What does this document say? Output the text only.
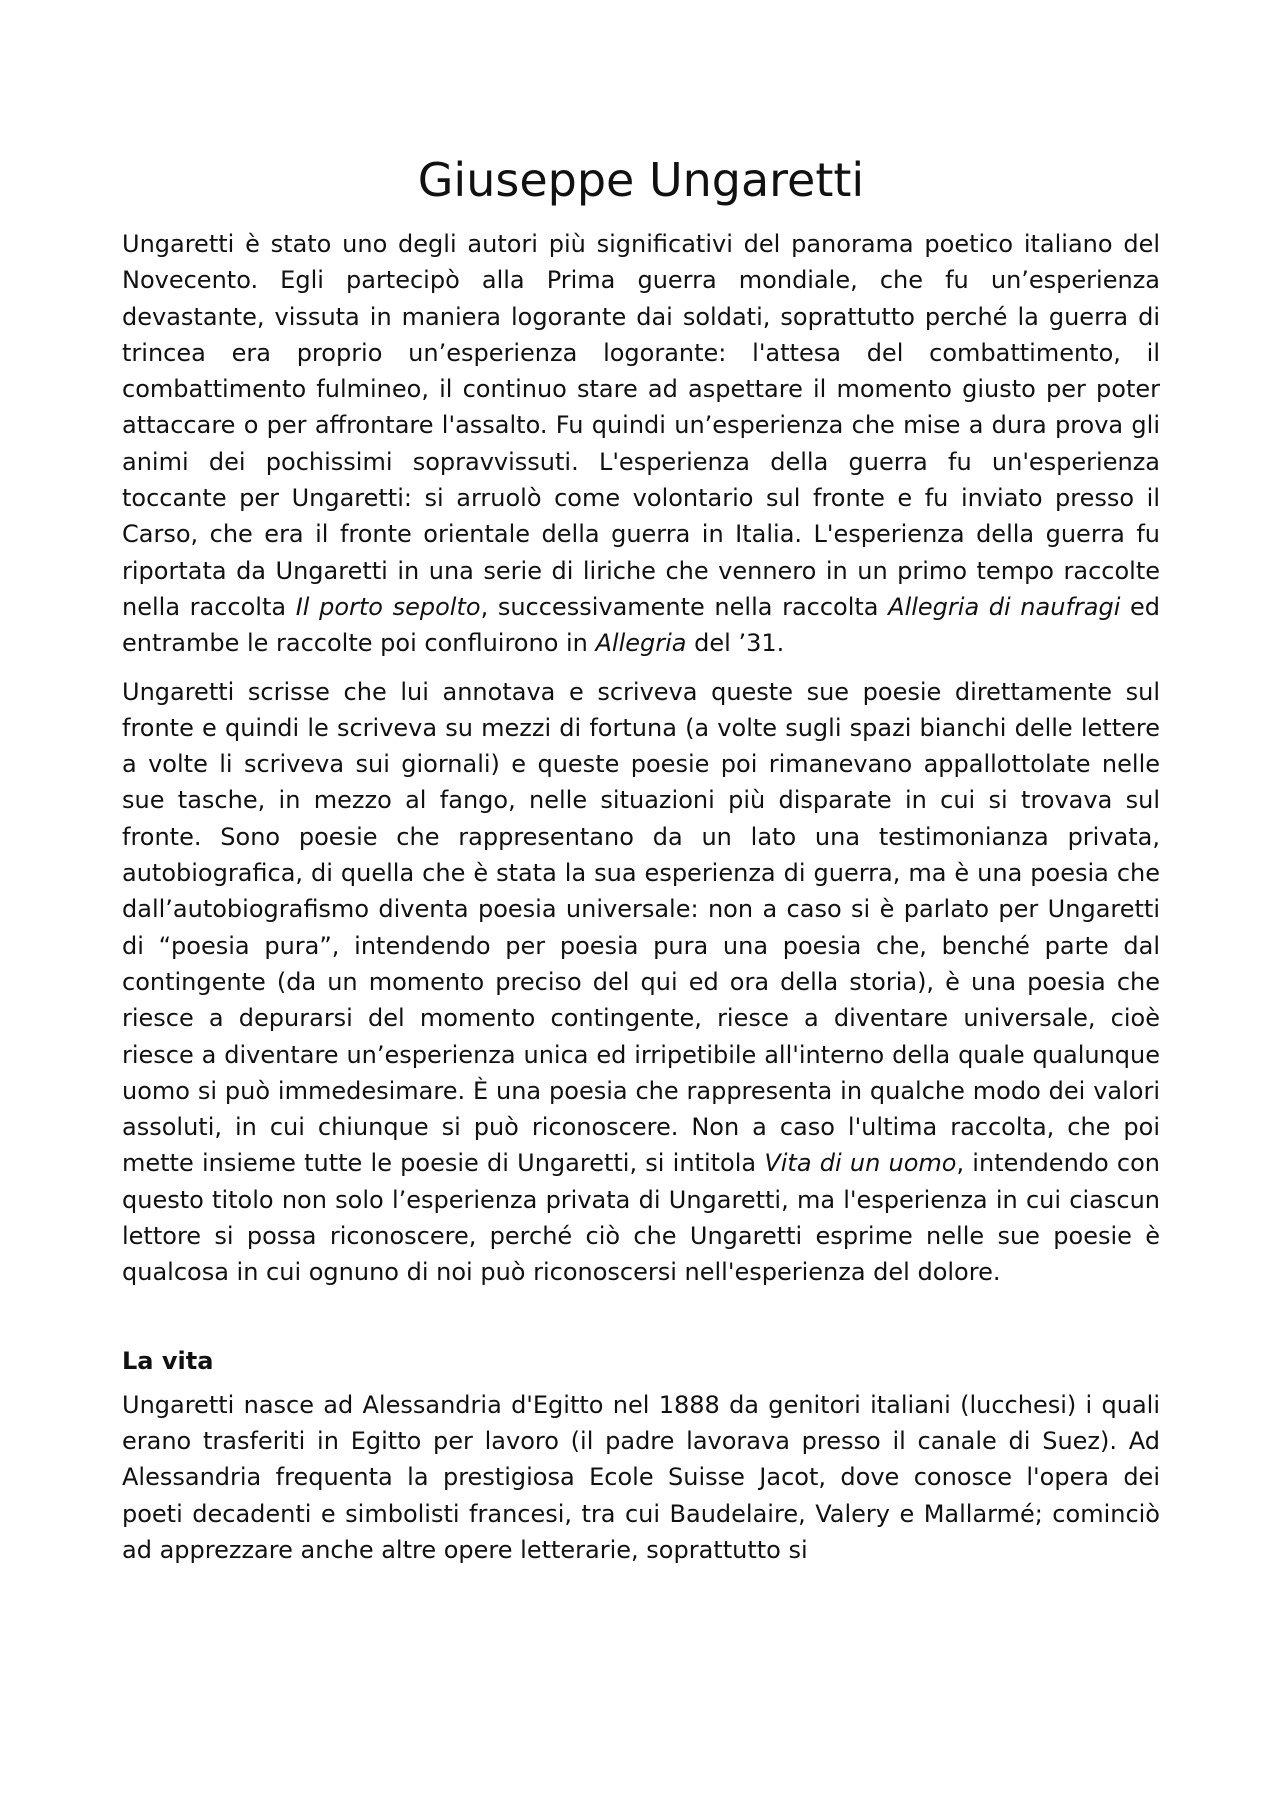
Giuseppe Ungaretti

Ungaretti è stato uno degli autori più significativi del panorama poetico italiano del Novecento. Egli partecipò alla Prima guerra mondiale, che fu un’esperienza devastante, vissuta in maniera logorante dai soldati, soprattutto perché la guerra di trincea era proprio un’esperienza logorante: l'attesa del combattimento, il combattimento fulmineo, il continuo stare ad aspettare il momento giusto per poter attaccare o per affrontare l'assalto. Fu quindi un’esperienza che mise a dura prova gli animi dei pochissimi sopravvissuti. L'esperienza della guerra fu un'esperienza toccante per Ungaretti: si arruolò come volontario sul fronte e fu inviato presso il Carso, che era il fronte orientale della guerra in Italia. L'esperienza della guerra fu riportata da Ungaretti in una serie di liriche che vennero in un primo tempo raccolte nella raccolta Il porto sepolto, successivamente nella raccolta Allegria di naufragi ed entrambe le raccolte poi confluirono in Allegria del ’31.

Ungaretti scrisse che lui annotava e scriveva queste sue poesie direttamente sul fronte e quindi le scriveva su mezzi di fortuna (a volte sugli spazi bianchi delle lettere a volte li scriveva sui giornali) e queste poesie poi rimanevano appallottolate nelle sue tasche, in mezzo al fango, nelle situazioni più disparate in cui si trovava sul fronte. Sono poesie che rappresentano da un lato una testimonianza privata, autobiografica, di quella che è stata la sua esperienza di guerra, ma è una poesia che dall’autobiografismo diventa poesia universale: non a caso si è parlato per Ungaretti di “poesia pura”, intendendo per poesia pura una poesia che, benché parte dal contingente (da un momento preciso del qui ed ora della storia), è una poesia che riesce a depurarsi del momento contingente, riesce a diventare universale, cioè riesce a diventare un’esperienza unica ed irripetibile all'interno della quale qualunque uomo si può immedesimare. È una poesia che rappresenta in qualche modo dei valori assoluti, in cui chiunque si può riconoscere. Non a caso l'ultima raccolta, che poi mette insieme tutte le poesie di Ungaretti, si intitola Vita di un uomo, intendendo con questo titolo non solo l’esperienza privata di Ungaretti, ma l'esperienza in cui ciascun lettore si possa riconoscere, perché ciò che Ungaretti esprime nelle sue poesie è qualcosa in cui ognuno di noi può riconoscersi nell'esperienza del dolore.

La vita

Ungaretti nasce ad Alessandria d'Egitto nel 1888 da genitori italiani (lucchesi) i quali erano trasferiti in Egitto per lavoro (il padre lavorava presso il canale di Suez). Ad Alessandria frequenta la prestigiosa Ecole Suisse Jacot, dove conosce l'opera dei poeti decadenti e simbolisti francesi, tra cui Baudelaire, Valery e Mallarmé; cominciò ad apprezzare anche altre opere letterarie, soprattutto si
